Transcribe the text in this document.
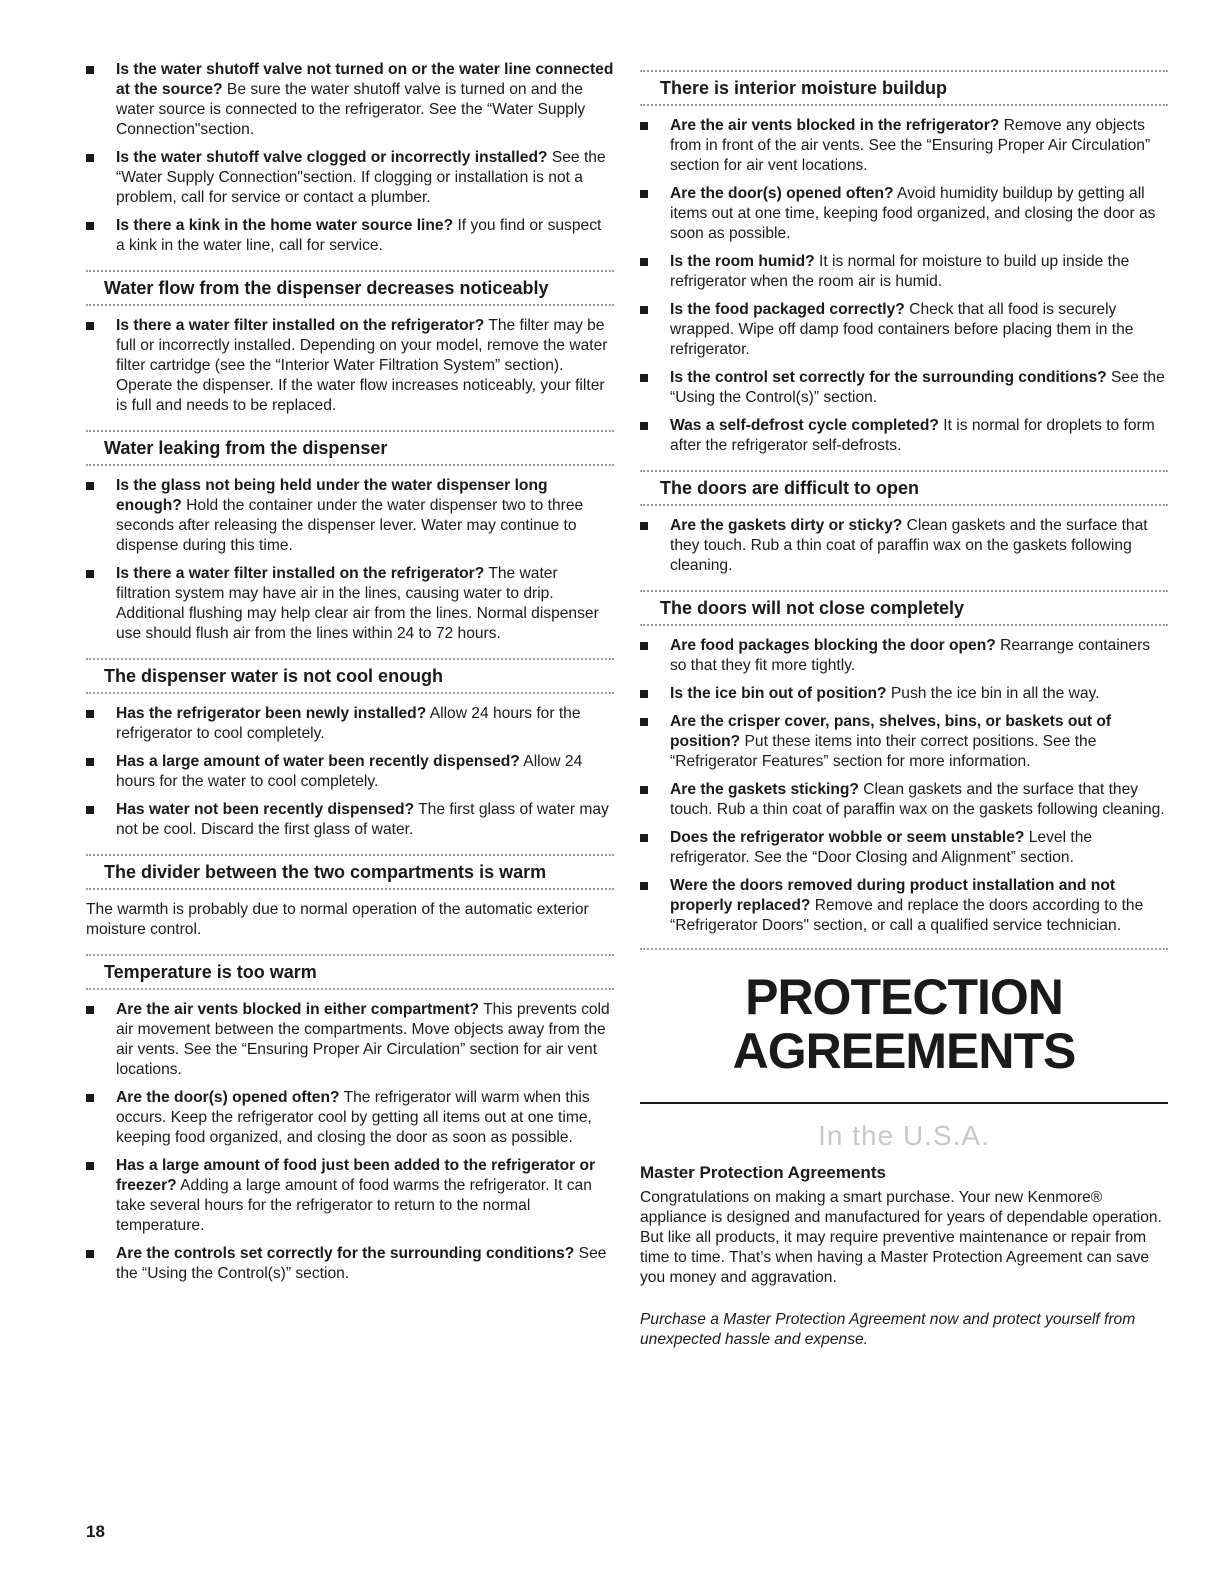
Is the water shutoff valve not turned on or the water line connected at the source? Be sure the water shutoff valve is turned on and the water source is connected to the refrigerator. See the “Water Supply Connection"section.
Is the water shutoff valve clogged or incorrectly installed? See the “Water Supply Connection"section. If clogging or installation is not a problem, call for service or contact a plumber.
Is there a kink in the home water source line? If you find or suspect a kink in the water line, call for service.
Water flow from the dispenser decreases noticeably
Is there a water filter installed on the refrigerator? The filter may be full or incorrectly installed. Depending on your model, remove the water filter cartridge (see the “Interior Water Filtration System” section). Operate the dispenser. If the water flow increases noticeably, your filter is full and needs to be replaced.
Water leaking from the dispenser
Is the glass not being held under the water dispenser long enough? Hold the container under the water dispenser two to three seconds after releasing the dispenser lever. Water may continue to dispense during this time.
Is there a water filter installed on the refrigerator? The water filtration system may have air in the lines, causing water to drip. Additional flushing may help clear air from the lines. Normal dispenser use should flush air from the lines within 24 to 72 hours.
The dispenser water is not cool enough
Has the refrigerator been newly installed? Allow 24 hours for the refrigerator to cool completely.
Has a large amount of water been recently dispensed? Allow 24 hours for the water to cool completely.
Has water not been recently dispensed? The first glass of water may not be cool. Discard the first glass of water.
The divider between the two compartments is warm
The warmth is probably due to normal operation of the automatic exterior moisture control.
Temperature is too warm
Are the air vents blocked in either compartment? This prevents cold air movement between the compartments. Move objects away from the air vents. See the “Ensuring Proper Air Circulation” section for air vent locations.
Are the door(s) opened often? The refrigerator will warm when this occurs. Keep the refrigerator cool by getting all items out at one time, keeping food organized, and closing the door as soon as possible.
Has a large amount of food just been added to the refrigerator or freezer? Adding a large amount of food warms the refrigerator. It can take several hours for the refrigerator to return to the normal temperature.
Are the controls set correctly for the surrounding conditions? See the “Using the Control(s)” section.
There is interior moisture buildup
Are the air vents blocked in the refrigerator? Remove any objects from in front of the air vents. See the “Ensuring Proper Air Circulation” section for air vent locations.
Are the door(s) opened often? Avoid humidity buildup by getting all items out at one time, keeping food organized, and closing the door as soon as possible.
Is the room humid? It is normal for moisture to build up inside the refrigerator when the room air is humid.
Is the food packaged correctly? Check that all food is securely wrapped. Wipe off damp food containers before placing them in the refrigerator.
Is the control set correctly for the surrounding conditions? See the “Using the Control(s)” section.
Was a self-defrost cycle completed? It is normal for droplets to form after the refrigerator self-defrosts.
The doors are difficult to open
Are the gaskets dirty or sticky? Clean gaskets and the surface that they touch. Rub a thin coat of paraffin wax on the gaskets following cleaning.
The doors will not close completely
Are food packages blocking the door open? Rearrange containers so that they fit more tightly.
Is the ice bin out of position? Push the ice bin in all the way.
Are the crisper cover, pans, shelves, bins, or baskets out of position? Put these items into their correct positions. See the “Refrigerator Features” section for more information.
Are the gaskets sticking? Clean gaskets and the surface that they touch. Rub a thin coat of paraffin wax on the gaskets following cleaning.
Does the refrigerator wobble or seem unstable? Level the refrigerator. See the “Door Closing and Alignment” section.
Were the doors removed during product installation and not properly replaced? Remove and replace the doors according to the “Refrigerator Doors" section, or call a qualified service technician.
PROTECTION
AGREEMENTS
In the U.S.A.
Master Protection Agreements
Congratulations on making a smart purchase. Your new Kenmore® appliance is designed and manufactured for years of dependable operation. But like all products, it may require preventive maintenance or repair from time to time. That’s when having a Master Protection Agreement can save you money and aggravation.
Purchase a Master Protection Agreement now and protect yourself from unexpected hassle and expense.
18
